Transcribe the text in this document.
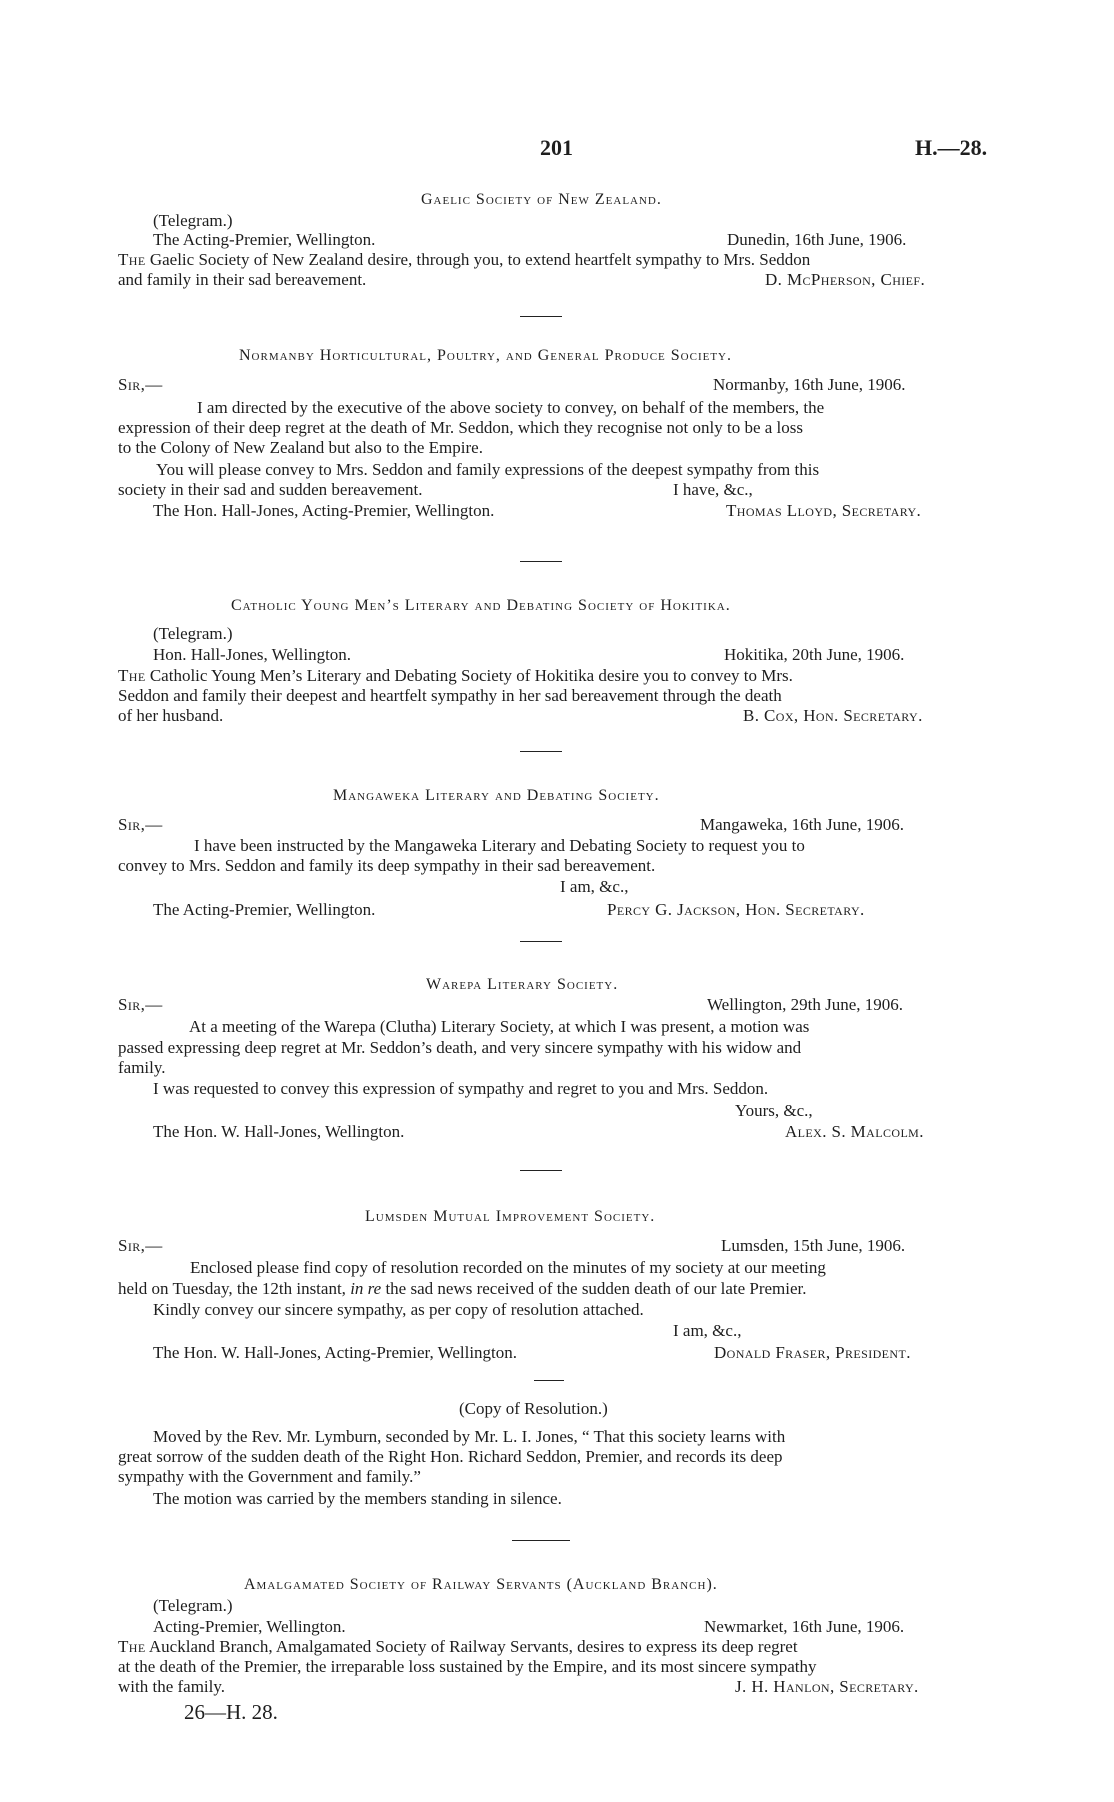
201	H.—28.
Gaelic Society of New Zealand.
(Telegram.)
The Acting-Premier, Wellington.	Dunedin, 16th June, 1906.
The Gaelic Society of New Zealand desire, through you, to extend heartfelt sympathy to Mrs. Seddon
and family in their sad bereavement.	D. McPherson, Chief.
Normanby Horticultural, Poultry, and General Produce Society.
Sir,—	Normanby, 16th June, 1906.
I am directed by the executive of the above society to convey, on behalf of the members, the
expression of their deep regret at the death of Mr. Seddon, which they recognise not only to be a loss
to the Colony of New Zealand but also to the Empire.
You will please convey to Mrs. Seddon and family expressions of the deepest sympathy from this
society in their sad and sudden bereavement.	I have, &c.,
The Hon. Hall-Jones, Acting-Premier, Wellington.	Thomas Lloyd, Secretary.
Catholic Young Men’s Literary and Debating Society of Hokitika.
(Telegram.)
Hon. Hall-Jones, Wellington.	Hokitika, 20th June, 1906.
The Catholic Young Men’s Literary and Debating Society of Hokitika desire you to convey to Mrs.
Seddon and family their deepest and heartfelt sympathy in her sad bereavement through the death
of her husband.	B. Cox, Hon. Secretary.
Mangaweka Literary and Debating Society.
Sir,—	Mangaweka, 16th June, 1906.
I have been instructed by the Mangaweka Literary and Debating Society to request you to
convey to Mrs. Seddon and family its deep sympathy in their sad bereavement.
I am, &c.,
The Acting-Premier, Wellington.	Percy G. Jackson, Hon. Secretary.
Warepa Literary Society.
Sir,—	Wellington, 29th June, 1906.
At a meeting of the Warepa (Clutha) Literary Society, at which I was present, a motion was
passed expressing deep regret at Mr. Seddon’s death, and very sincere sympathy with his widow and
family.
I was requested to convey this expression of sympathy and regret to you and Mrs. Seddon.
Yours, &c.,
The Hon. W. Hall-Jones, Wellington.	Alex. S. Malcolm.
Lumsden Mutual Improvement Society.
Sir,—	Lumsden, 15th June, 1906.
Enclosed please find copy of resolution recorded on the minutes of my society at our meeting
held on Tuesday, the 12th instant, in re the sad news received of the sudden death of our late Premier.
Kindly convey our sincere sympathy, as per copy of resolution attached.
I am, &c.,
The Hon. W. Hall-Jones, Acting-Premier, Wellington.	Donald Fraser, President.
(Copy of Resolution.)
Moved by the Rev. Mr. Lymburn, seconded by Mr. L. I. Jones, “ That this society learns with
great sorrow of the sudden death of the Right Hon. Richard Seddon, Premier, and records its deep
sympathy with the Government and family.”
The motion was carried by the members standing in silence.
Amalgamated Society of Railway Servants (Auckland Branch).
(Telegram.)
Acting-Premier, Wellington.	Newmarket, 16th June, 1906.
The Auckland Branch, Amalgamated Society of Railway Servants, desires to express its deep regret
at the death of the Premier, the irreparable loss sustained by the Empire, and its most sincere sympathy
with the family.	J. H. Hanlon, Secretary.
26—H. 28.
